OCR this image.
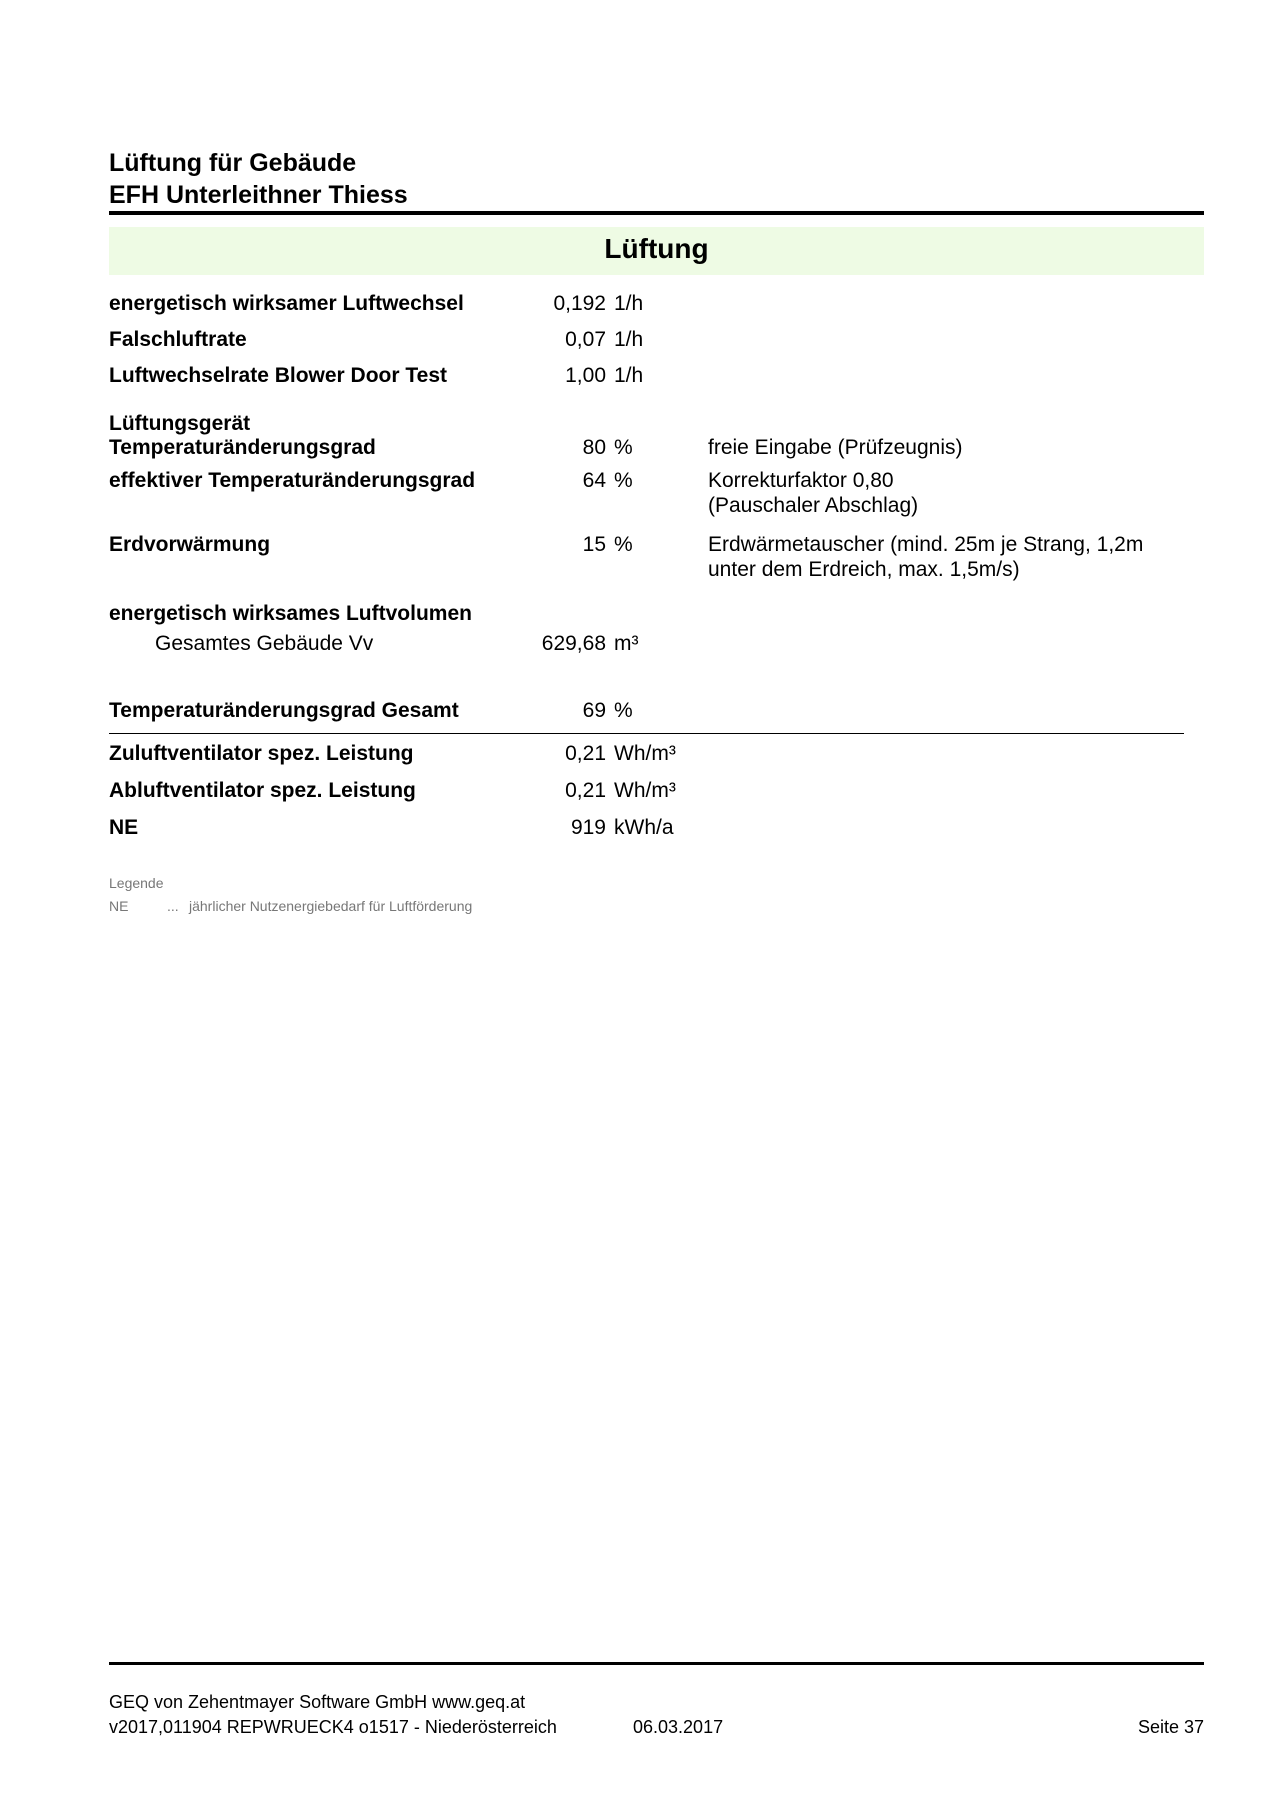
Lüftung für Gebäude
EFH Unterleithner Thiess
Lüftung
energetisch wirksamer Luftwechsel	0,192 1/h
Falschluftrate	0,07 1/h
Luftwechselrate Blower Door Test	1,00 1/h
Lüftungsgerät
Temperaturänderungsgrad	80 %	freie Eingabe (Prüfzeugnis)
effektiver Temperaturänderungsgrad	64 %	Korrekturfaktor 0,80
(Pauschaler Abschlag)
Erdvorwärmung	15 %	Erdwärmetauscher (mind. 25m je Strang, 1,2m
unter dem Erdreich, max. 1,5m/s)
energetisch wirksames Luftvolumen
Gesamtes Gebäude Vv	629,68 m³
Temperaturänderungsgrad Gesamt	69 %
Zuluftventilator spez. Leistung	0,21 Wh/m³
Abluftventilator spez. Leistung	0,21 Wh/m³
NE	919 kWh/a
Legende
NE	... jährlicher Nutzenergiebedarf für Luftförderung
GEQ von Zehentmayer Software GmbH www.geq.at
v2017,011904 REPWRUECK4 o1517 - Niederösterreich	06.03.2017	Seite 37
